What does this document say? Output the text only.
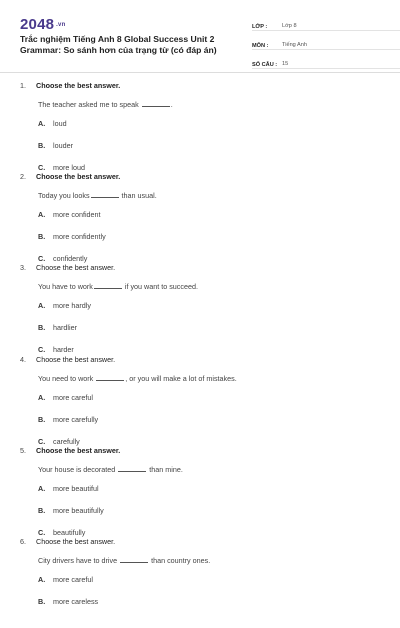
2048 .vn
Trắc nghiệm Tiếng Anh 8 Global Success Unit 2 Grammar: So sánh hơn của trạng từ (có đáp án)
LỚP :	Lớp 8
MÔN :	Tiếng Anh
SỐ CÂU : 15
1.	Choose the best answer.
The teacher asked me to speak	.
A.	loud
B.	louder
C.	more loud
2.	Choose the best answer.
Today you looks	than usual.
A.	more confident
B.	more confidently
C.	confidently
3.	Choose the best answer.
You have to work	if you want to succeed.
A.	more hardly
B.	hardlier
C.	harder
4.	Choose the best answer.
You need to work	, or you will make a lot of mistakes.
A.	more careful
B.	more carefully
C.	carefully
5.	Choose the best answer.
Your house is decorated	than mine.
A.	more beautiful
B.	more beautifully
C.	beautifully
6.	Choose the best answer.
City drivers have to drive	than country ones.
A.	more careful
B.	more careless
